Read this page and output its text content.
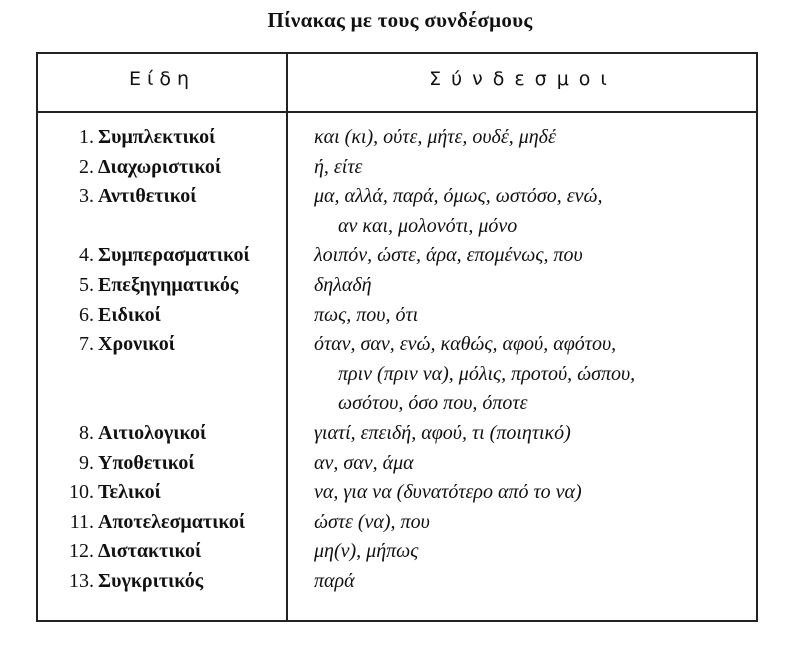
Πίνακας με τους συνδέσμους
Είδη	Σύνδεσμοι
1. Συμπλεκτικοί	και (κι), ούτε, μήτε, ουδέ, μηδέ
2. Διαχωριστικοί	ή, είτε
3. Αντιθετικοί	μα, αλλά, παρά, όμως, ωστόσο, ενώ,
αν και, μολονότι, μόνο
4. Συμπερασματικοί	λοιπόν, ώστε, άρα, επομένως, που
5. Επεξηγηματικός	δηλαδή
6. Ειδικοί	πως, που, ότι
7. Χρονικοί	όταν, σαν, ενώ, καθώς, αφού, αφότου,
πριν (πριν να), μόλις, προτού, ώσπου,
ωσότου, όσο που, όποτε
8. Αιτιολογικοί	γιατί, επειδή, αφού, τι (ποιητικό)
9. Υποθετικοί	αν, σαν, άμα
10. Τελικοί	να, για να (δυνατότερο από το να)
11. Αποτελεσματικοί	ώστε (να), που
12. Διστακτικοί	μη(ν), μήπως
13. Συγκριτικός	παρά
